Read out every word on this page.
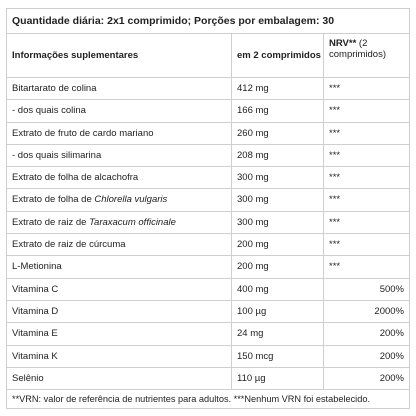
Quantidade diária: 2x1 comprimido; Porções por embalagem: 30		
Informações suplementares	em 2 comprimidos	NRV** (2 comprimidos)
Bitartarato de colina	412 mg	***
- dos quais colina	166 mg	***
Extrato de fruto de cardo mariano	260 mg	***
- dos quais silimarina	208 mg	***
Extrato de folha de alcachofra	300 mg	***
Extrato de folha de Chlorella vulgaris	300 mg	***
Extrato de raiz de Taraxacum officinale	300 mg	***
Extrato de raiz de cúrcuma	200 mg	***
L-Metionina	200 mg	***
Vitamina C	400 mg	500%
Vitamina D	100 µg	2000%
Vitamina E	24 mg	200%
Vitamina K	150 mcg	200%
Selênio	110 µg	200%
**VRN: valor de referência de nutrientes para adultos. ***Nenhum VRN foi estabelecido.		
